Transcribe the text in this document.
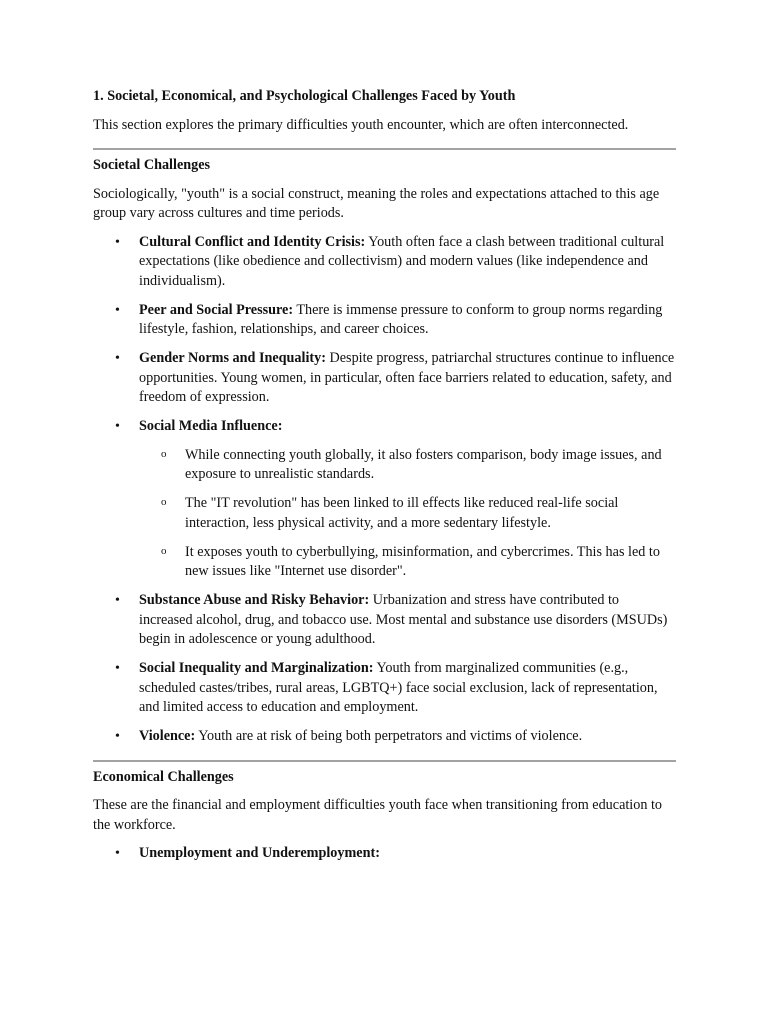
1. Societal, Economical, and Psychological Challenges Faced by Youth

This section explores the primary difficulties youth encounter, which are often interconnected.

Societal Challenges

Sociologically, "youth" is a social construct, meaning the roles and expectations attached to this age group vary across cultures and time periods.

• Cultural Conflict and Identity Crisis: Youth often face a clash between traditional cultural expectations (like obedience and collectivism) and modern values (like independence and individualism).
• Peer and Social Pressure: There is immense pressure to conform to group norms regarding lifestyle, fashion, relationships, and career choices.
• Gender Norms and Inequality: Despite progress, patriarchal structures continue to influence opportunities. Young women, in particular, often face barriers related to education, safety, and freedom of expression.
• Social Media Influence:
o While connecting youth globally, it also fosters comparison, body image issues, and exposure to unrealistic standards.
o The "IT revolution" has been linked to ill effects like reduced real-life social interaction, less physical activity, and a more sedentary lifestyle.
o It exposes youth to cyberbullying, misinformation, and cybercrimes. This has led to new issues like "Internet use disorder".
• Substance Abuse and Risky Behavior: Urbanization and stress have contributed to increased alcohol, drug, and tobacco use. Most mental and substance use disorders (MSUDs) begin in adolescence or young adulthood.
• Social Inequality and Marginalization: Youth from marginalized communities (e.g., scheduled castes/tribes, rural areas, LGBTQ+) face social exclusion, lack of representation, and limited access to education and employment.
• Violence: Youth are at risk of being both perpetrators and victims of violence.
Economical Challenges

These are the financial and employment difficulties youth face when transitioning from education to the workforce.

• Unemployment and Underemployment:
